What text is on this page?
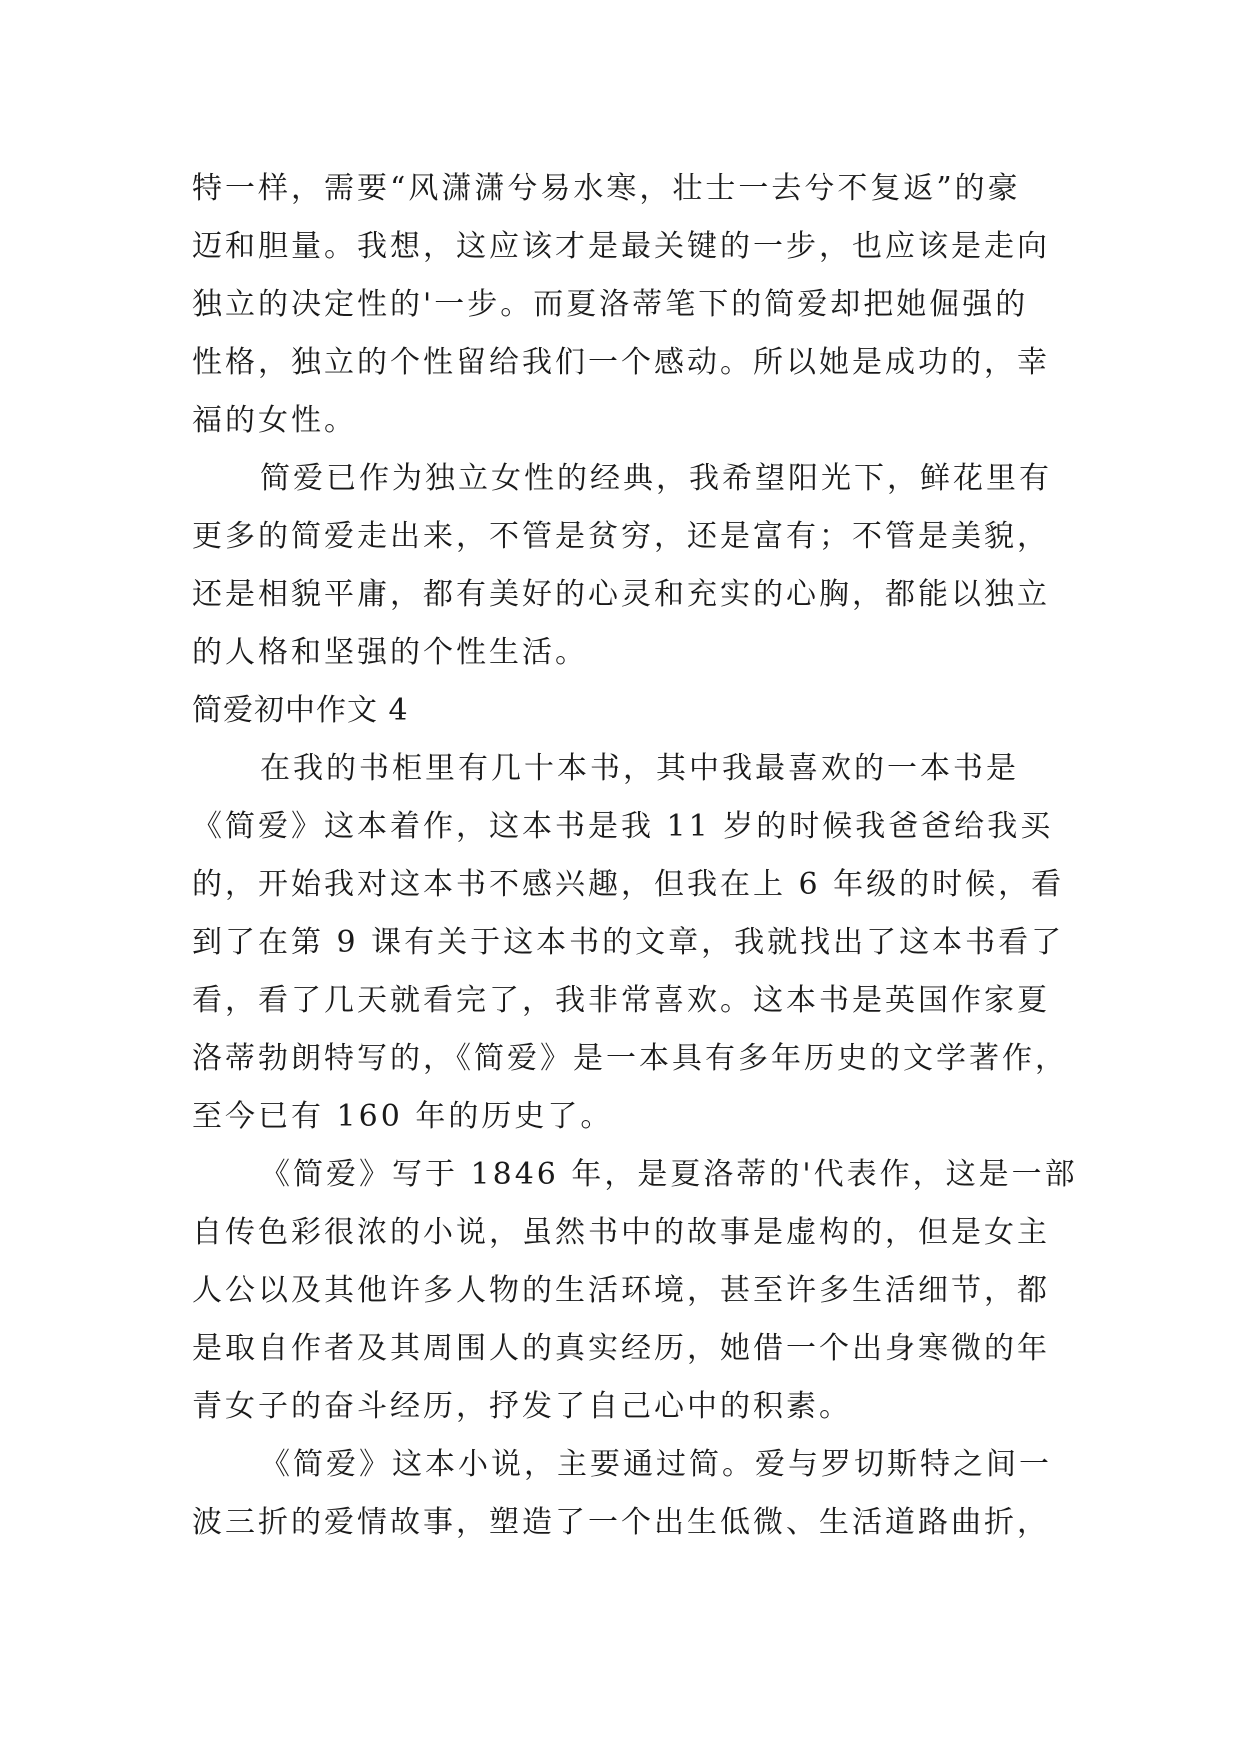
特一样，需要“风潇潇兮易水寒，壮士一去兮不复返”的豪
迈和胆量。我想，这应该才是最关键的一步，也应该是走向
独立的决定性的'一步。而夏洛蒂笔下的简爱却把她倔强的
性格，独立的个性留给我们一个感动。所以她是成功的，幸
福的女性。
简爱已作为独立女性的经典，我希望阳光下，鲜花里有
更多的简爱走出来，不管是贫穷，还是富有；不管是美貌，
还是相貌平庸，都有美好的心灵和充实的心胸，都能以独立
的人格和坚强的个性生活。
简爱初中作文 4
在我的书柜里有几十本书，其中我最喜欢的一本书是
《简爱》这本着作，这本书是我 11 岁的时候我爸爸给我买
的，开始我对这本书不感兴趣，但我在上 6 年级的时候，看
到了在第 9 课有关于这本书的文章，我就找出了这本书看了
看，看了几天就看完了，我非常喜欢。这本书是英国作家夏
洛蒂勃朗特写的，《简爱》是一本具有多年历史的文学著作，
至今已有 160 年的历史了。
《简爱》写于 1846 年，是夏洛蒂的'代表作，这是一部
自传色彩很浓的小说，虽然书中的故事是虚构的，但是女主
人公以及其他许多人物的生活环境，甚至许多生活细节，都
是取自作者及其周围人的真实经历，她借一个出身寒微的年
青女子的奋斗经历，抒发了自己心中的积素。
《简爱》这本小说，主要通过简。爱与罗切斯特之间一
波三折的爱情故事，塑造了一个出生低微、生活道路曲折，
